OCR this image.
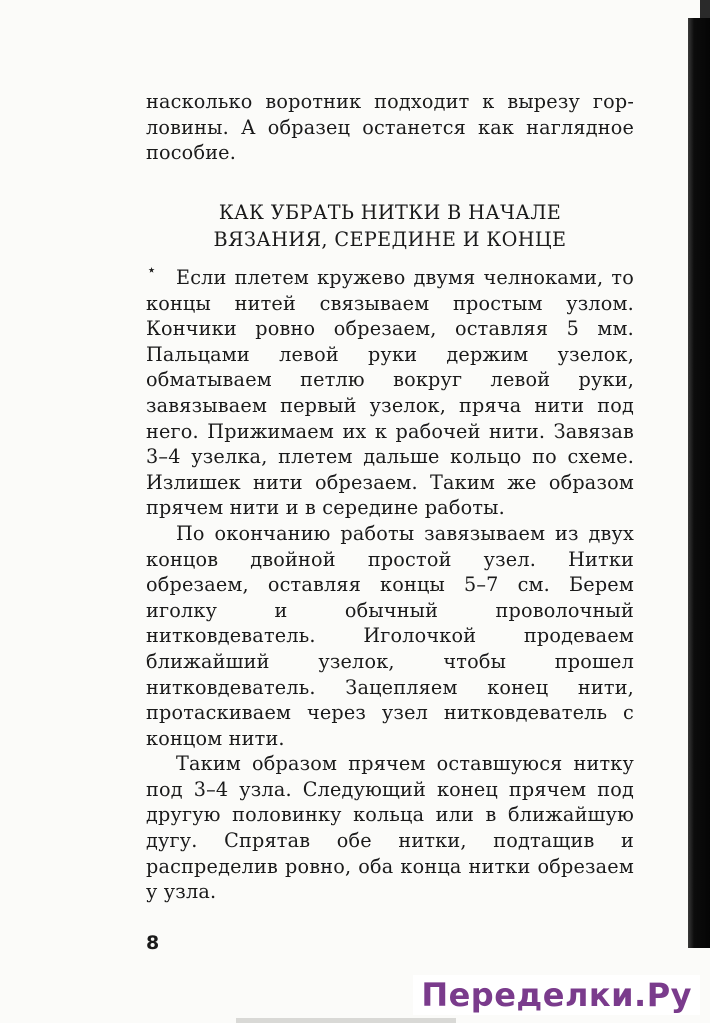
насколько воротник подходит к вырезу гор-

ловины. А образец останется как наглядное

пособие.

КАК УБРАТЬ НИТКИ В НАЧАЛЕ
ВЯЗАНИЯ, СЕРЕДИНЕ И КОНЦЕ
٭	Если плетем кружево двумя челноками, то концы нитей связываем простым узлом. Кончики ровно обрезаем, оставляя 5 мм. Пальцами левой руки держим узелок, обматываем петлю вокруг левой руки, завязываем первый узелок, пряча нити под него. Прижимаем их к рабочей нити. Завязав 3–4 узелка, плетем дальше кольцо по схеме. Излишек нити обрезаем. Таким же образом прячем нити и в середине работы.

По окончанию работы завязываем из двух концов двойной простой узел. Нитки обрезаем, оставляя концы 5–7 см. Берем иголку и обычный проволочный нитковдеватель. Иголочкой продеваем ближайший узелок, чтобы прошел нитковдеватель. Зацепляем конец нити, протаскиваем через узел нитковдеватель с концом нити.

Таким образом прячем оставшуюся нитку под 3–4 узла. Следующий конец прячем под другую половинку кольца или в ближайшую дугу. Спрятав обе нитки, подтащив и распределив ровно, оба конца нитки обрезаем у узла.

8
Переделки.Ру
